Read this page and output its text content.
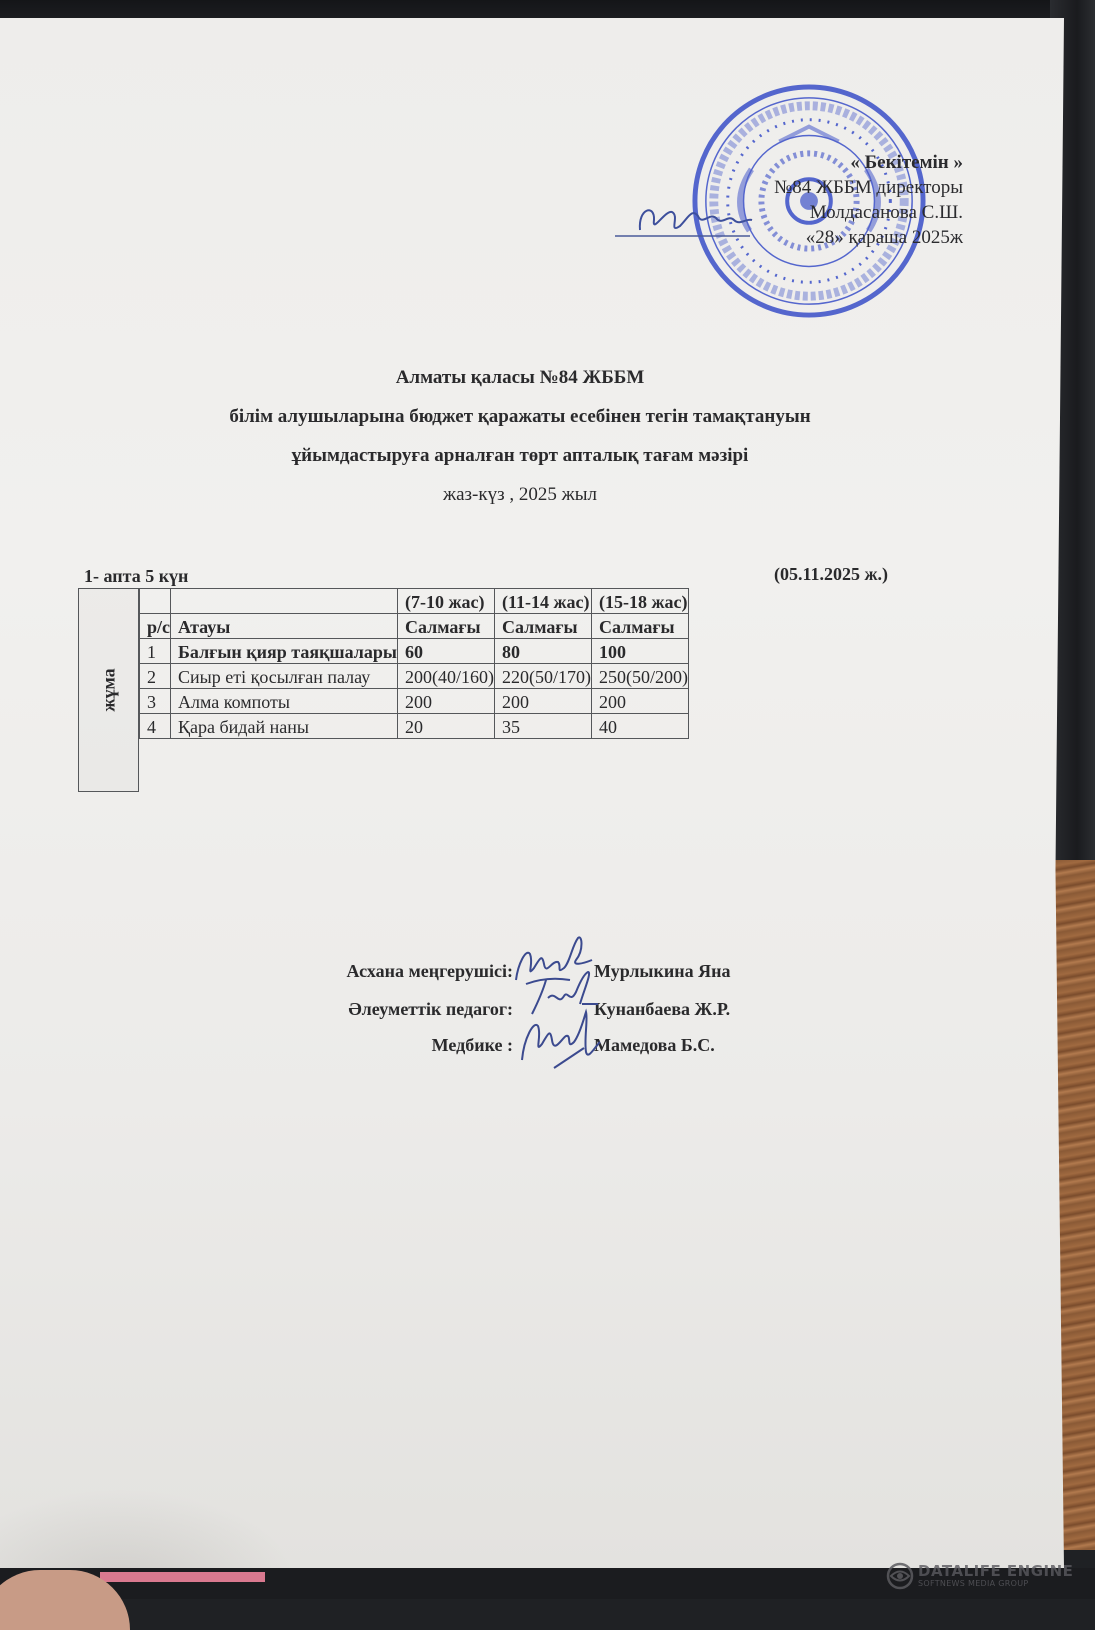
« Бекітемін »
№84 ЖББМ директоры
Молдасанова С.Ш.
«28» қараша 2025ж
Алматы қаласы №84 ЖББМ
білім алушыларына бюджет қаражаты есебінен тегін тамақтануын
ұйымдастыруға арналған төрт апталық тағам мәзірі
жаз-күз , 2025 жыл
1- апта 5 күн	(05.11.2025 ж.)
жұма
		(7-10 жас)	(11-14 жас)	(15-18 жас)
р/с	Атауы	Салмағы	Салмағы	Салмағы
1	Балғын қияр таяқшалары	60	80	100
2	Сиыр еті қосылған палау	200(40/160)	220(50/170)	250(50/200)
3	Алма компоты	200	200	200
4	Қара бидай наны	20	35	40
Асхана меңгерушісі:	Мурлыкина Яна
Әлеуметтік педагог:	Кунанбаева Ж.Р.
Медбике :	Мамедова Б.С.
DATALIFE ENGINE
SOFTNEWS MEDIA GROUP
